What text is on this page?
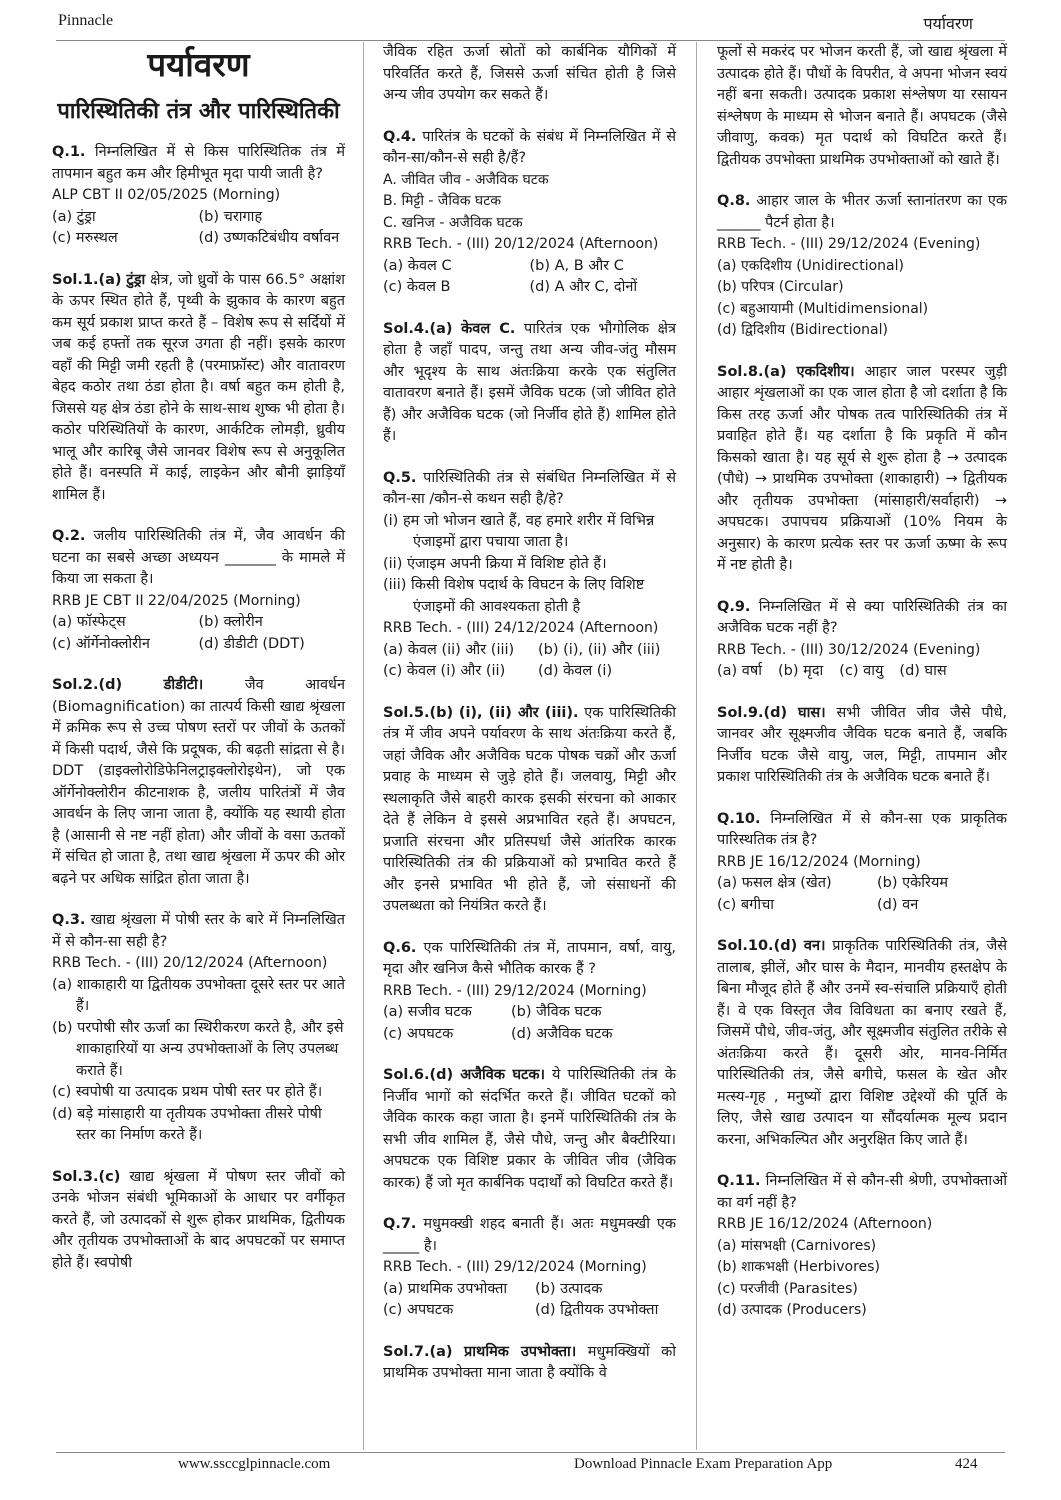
Pinnacle	पर्यावरण
पर्यावरण
पारिस्थितिकी तंत्र और पारिस्थितिकी

Q.1. निम्नलिखित में से किस पारिस्थितिक तंत्र में तापमान बहुत कम और हिमीभूत मृदा पायी जाती है?

ALP CBT II 02/05/2025 (Morning)

(a) टुंड्रा	(b) चरागाह
(c) मरुस्थल	(d) उष्णकटिबंधीय वर्षावन

Sol.1.(a) टुंड्रा क्षेत्र, जो ध्रुवों के पास 66.5° अक्षांश के ऊपर स्थित होते हैं, पृथ्वी के झुकाव के कारण बहुत कम सूर्य प्रकाश प्राप्त करते हैं – विशेष रूप से सर्दियों में जब कई हफ्तों तक सूरज उगता ही नहीं। इसके कारण वहाँ की मिट्टी जमी रहती है (परमाफ्रॉस्ट) और वातावरण बेहद कठोर तथा ठंडा होता है। वर्षा बहुत कम होती है, जिससे यह क्षेत्र ठंडा होने के साथ-साथ शुष्क भी होता है। कठोर परिस्थितियों के कारण, आर्कटिक लोमड़ी, ध्रुवीय भालू और कारिबू जैसे जानवर विशेष रूप से अनुकूलित होते हैं। वनस्पति में काई, लाइकेन और बौनी झाड़ियाँ शामिल हैं।

Q.2. जलीय पारिस्थितिकी तंत्र में, जैव आवर्धन की घटना का सबसे अच्छा अध्ययन _______ के मामले में किया जा सकता है।

RRB JE CBT II 22/04/2025 (Morning)

(a) फॉस्फेट्स	(b) क्लोरीन
(c) ऑर्गेनोक्लोरीन	(d) डीडीटी (DDT)

Sol.2.(d)	डीडीटी।	जैव आवर्धन (Biomagnification) का तात्पर्य किसी खाद्य श्रृंखला में क्रमिक रूप से उच्च पोषण स्तरों पर जीवों के ऊतकों में किसी पदार्थ, जैसे कि प्रदूषक, की बढ़ती सांद्रता से है। DDT (डाइक्लोरोडिफेनिलट्राइक्लोरोइथेन), जो एक ऑर्गेनोक्लोरीन कीटनाशक है, जलीय पारितंत्रों में जैव आवर्धन के लिए जाना जाता है, क्योंकि यह स्थायी होता है (आसानी से नष्ट नहीं होता) और जीवों के वसा ऊतकों में संचित हो जाता है, तथा खाद्य श्रृंखला में ऊपर की ओर बढ़ने पर अधिक सांद्रित होता जाता है।

Q.3. खाद्य श्रृंखला में पोषी स्तर के बारे में निम्नलिखित में से कौन-सा सही है?

RRB Tech. - (III) 20/12/2024 (Afternoon)

(a) शाकाहारी या द्वितीयक उपभोक्ता दूसरे स्तर पर आते हैं।

(b) परपोषी सौर ऊर्जा का स्थिरीकरण करते है, और इसे शाकाहारियों या अन्य उपभोक्ताओं के लिए उपलब्ध कराते हैं।

(c) स्वपोषी या उत्पादक प्रथम पोषी स्तर पर होते हैं।

(d) बड़े मांसाहारी या तृतीयक उपभोक्ता तीसरे पोषी स्तर का निर्माण करते हैं।

Sol.3.(c) खाद्य श्रृंखला में पोषण स्तर जीवों को उनके भोजन संबंधी भूमिकाओं के आधार पर वर्गीकृत करते हैं, जो उत्पादकों से शुरू होकर प्राथमिक, द्वितीयक और तृतीयक उपभोक्ताओं के बाद अपघटकों पर समाप्त होते हैं। स्वपोषी

जैविक रहित ऊर्जा स्रोतों को कार्बनिक यौगिकों में परिवर्तित करते हैं, जिससे ऊर्जा संचित होती है जिसे अन्य जीव उपयोग कर सकते हैं।

Q.4. पारितंत्र के घटकों के संबंध में निम्नलिखित में से कौन-सा/कौन-से सही है/हैं?

A. जीवित जीव - अजैविक घटक

B. मिट्टी - जैविक घटक

C. खनिज - अजैविक घटक

RRB Tech. - (III) 20/12/2024 (Afternoon)

(a) केवल C	(b) A, B और C
(c) केवल B	(d) A और C, दोनों

Sol.4.(a) केवल C. पारितंत्र एक भौगोलिक क्षेत्र होता है जहाँ पादप, जन्तु तथा अन्य जीव-जंतु मौसम और भूदृश्य के साथ अंतःक्रिया करके एक संतुलित वातावरण बनाते हैं। इसमें जैविक घटक (जो जीवित होते हैं) और अजैविक घटक (जो निर्जीव होते हैं) शामिल होते हैं।

Q.5. पारिस्थितिकी तंत्र से संबंधित निम्नलिखित में से कौन-सा /कौन-से कथन सही है/हे?

(i) हम जो भोजन खाते हैं, वह हमारे शरीर में विभिन्न एंजाइमों द्वारा पचाया जाता है।

(ii) एंजाइम अपनी क्रिया में विशिष्ट होते हैं।

(iii) किसी विशेष पदार्थ के विघटन के लिए विशिष्ट एंजाइमों की आवश्यकता होती है

RRB Tech. - (III) 24/12/2024 (Afternoon)

(a) केवल (ii) और (iii)	(b) (i), (ii) और (iii)
(c) केवल (i) और (ii)	(d) केवल (i)

Sol.5.(b) (i), (ii) और (iii). एक पारिस्थितिकी तंत्र में जीव अपने पर्यावरण के साथ अंतःक्रिया करते हैं, जहां जैविक और अजैविक घटक पोषक चक्रों और ऊर्जा प्रवाह के माध्यम से जुड़े होते हैं। जलवायु, मिट्टी और स्थलाकृति जैसे बाहरी कारक इसकी संरचना को आकार देते हैं लेकिन वे इससे अप्रभावित रहते हैं। अपघटन, प्रजाति संरचना और प्रतिस्पर्धा जैसे आंतरिक कारक पारिस्थितिकी तंत्र की प्रक्रियाओं को प्रभावित करते हैं और इनसे प्रभावित भी होते हैं, जो संसाधनों की उपलब्धता को नियंत्रित करते हैं।

Q.6. एक पारिस्थितिकी तंत्र में, तापमान, वर्षा, वायु, मृदा और खनिज कैसे भौतिक कारक हैं ?

RRB Tech. - (III) 29/12/2024 (Morning)

(a) सजीव घटक	(b) जैविक घटक
(c) अपघटक	(d) अजैविक घटक

Sol.6.(d) अजैविक घटक। ये पारिस्थितिकी तंत्र के निर्जीव भागों को संदर्भित करते हैं। जीवित घटकों को जैविक कारक कहा जाता है। इनमें पारिस्थितिकी तंत्र के सभी जीव शामिल हैं, जैसे पौधे, जन्तु और बैक्टीरिया। अपघटक एक विशिष्ट प्रकार के जीवित जीव (जैविक कारक) हैं जो मृत कार्बनिक पदार्थों को विघटित करते हैं।

Q.7. मधुमक्खी शहद बनाती हैं। अतः मधुमक्खी एक _____ है।

RRB Tech. - (III) 29/12/2024 (Morning)

(a) प्राथमिक उपभोक्ता	(b) उत्पादक
(c) अपघटक	(d) द्वितीयक उपभोक्ता

Sol.7.(a) प्राथमिक उपभोक्ता। मधुमक्खियों को प्राथमिक उपभोक्ता माना जाता है क्योंकि वे

फूलों से मकरंद पर भोजन करती हैं, जो खाद्य श्रृंखला में उत्पादक होते हैं। पौधों के विपरीत, वे अपना भोजन स्वयं नहीं बना सकती। उत्पादक प्रकाश संश्लेषण या रसायन संश्लेषण के माध्यम से भोजन बनाते हैं। अपघटक (जैसे जीवाणु, कवक) मृत पदार्थ को विघटित करते हैं। द्वितीयक उपभोक्ता प्राथमिक उपभोक्ताओं को खाते हैं।

Q.8. आहार जाल के भीतर ऊर्जा स्तानांतरण का एक ______ पैटर्न होता है।

RRB Tech. - (III) 29/12/2024 (Evening)

(a) एकदिशीय (Unidirectional)

(b) परिपत्र (Circular)

(c) बहुआयामी (Multidimensional)

(d) द्विदिशीय (Bidirectional)

Sol.8.(a) एकदिशीय। आहार जाल परस्पर जुड़ी आहार शृंखलाओं का एक जाल होता है जो दर्शाता है कि किस तरह ऊर्जा और पोषक तत्व पारिस्थितिकी तंत्र में प्रवाहित होते हैं। यह दर्शाता है कि प्रकृति में कौन किसको खाता है। यह सूर्य से शुरू होता है → उत्पादक (पौधे) → प्राथमिक उपभोक्ता (शाकाहारी) → द्वितीयक और तृतीयक उपभोक्ता (मांसाहारी/सर्वाहारी) → अपघटक। उपापचय प्रक्रियाओं (10% नियम के अनुसार) के कारण प्रत्येक स्तर पर ऊर्जा ऊष्मा के रूप में नष्ट होती है।

Q.9. निम्नलिखित में से क्या पारिस्थितिकी तंत्र का अजैविक घटक नहीं है?

RRB Tech. - (III) 30/12/2024 (Evening)

(a) वर्षा (b) मृदा (c) वायु (d) घास

Sol.9.(d) घास। सभी जीवित जीव जैसे पौधे, जानवर और सूक्ष्मजीव जैविक घटक बनाते हैं, जबकि निर्जीव घटक जैसे वायु, जल, मिट्टी, तापमान और प्रकाश पारिस्थितिकी तंत्र के अजैविक घटक बनाते हैं।

Q.10. निम्नलिखित में से कौन-सा एक प्राकृतिक पारिस्थतिक तंत्र है?

RRB JE 16/12/2024 (Morning)

(a) फसल क्षेत्र (खेत)	(b) एकेरियम
(c) बगीचा	(d) वन

Sol.10.(d) वन। प्राकृतिक पारिस्थितिकी तंत्र, जैसे तालाब, झीलें, और घास के मैदान, मानवीय हस्तक्षेप के बिना मौजूद होते हैं और उनमें स्व-संचालि प्रक्रियाएँ होती हैं। वे एक विस्तृत जैव विविधता का बनाए रखते हैं, जिसमें पौधे, जीव-जंतु, और सूक्ष्मजीव संतुलित तरीके से अंतःक्रिया करते हैं। दूसरी ओर, मानव-निर्मित पारिस्थितिकी तंत्र, जैसे बगीचे, फसल के खेत और मत्स्य-गृह , मनुष्यों द्वारा विशिष्ट उद्देश्यों की पूर्ति के लिए, जैसे खाद्य उत्पादन या सौंदर्यात्मक मूल्य प्रदान करना, अभिकल्पित और अनुरक्षित किए जाते हैं।

Q.11. निम्नलिखित में से कौन-सी श्रेणी, उपभोक्ताओं का वर्ग नहीं है?

RRB JE 16/12/2024 (Afternoon)

(a) मांसभक्षी (Carnivores)

(b) शाकभक्षी (Herbivores)

(c) परजीवी (Parasites)

(d) उत्पादक (Producers)

www.ssccglpinnacle.com	Download Pinnacle Exam Preparation App	424
